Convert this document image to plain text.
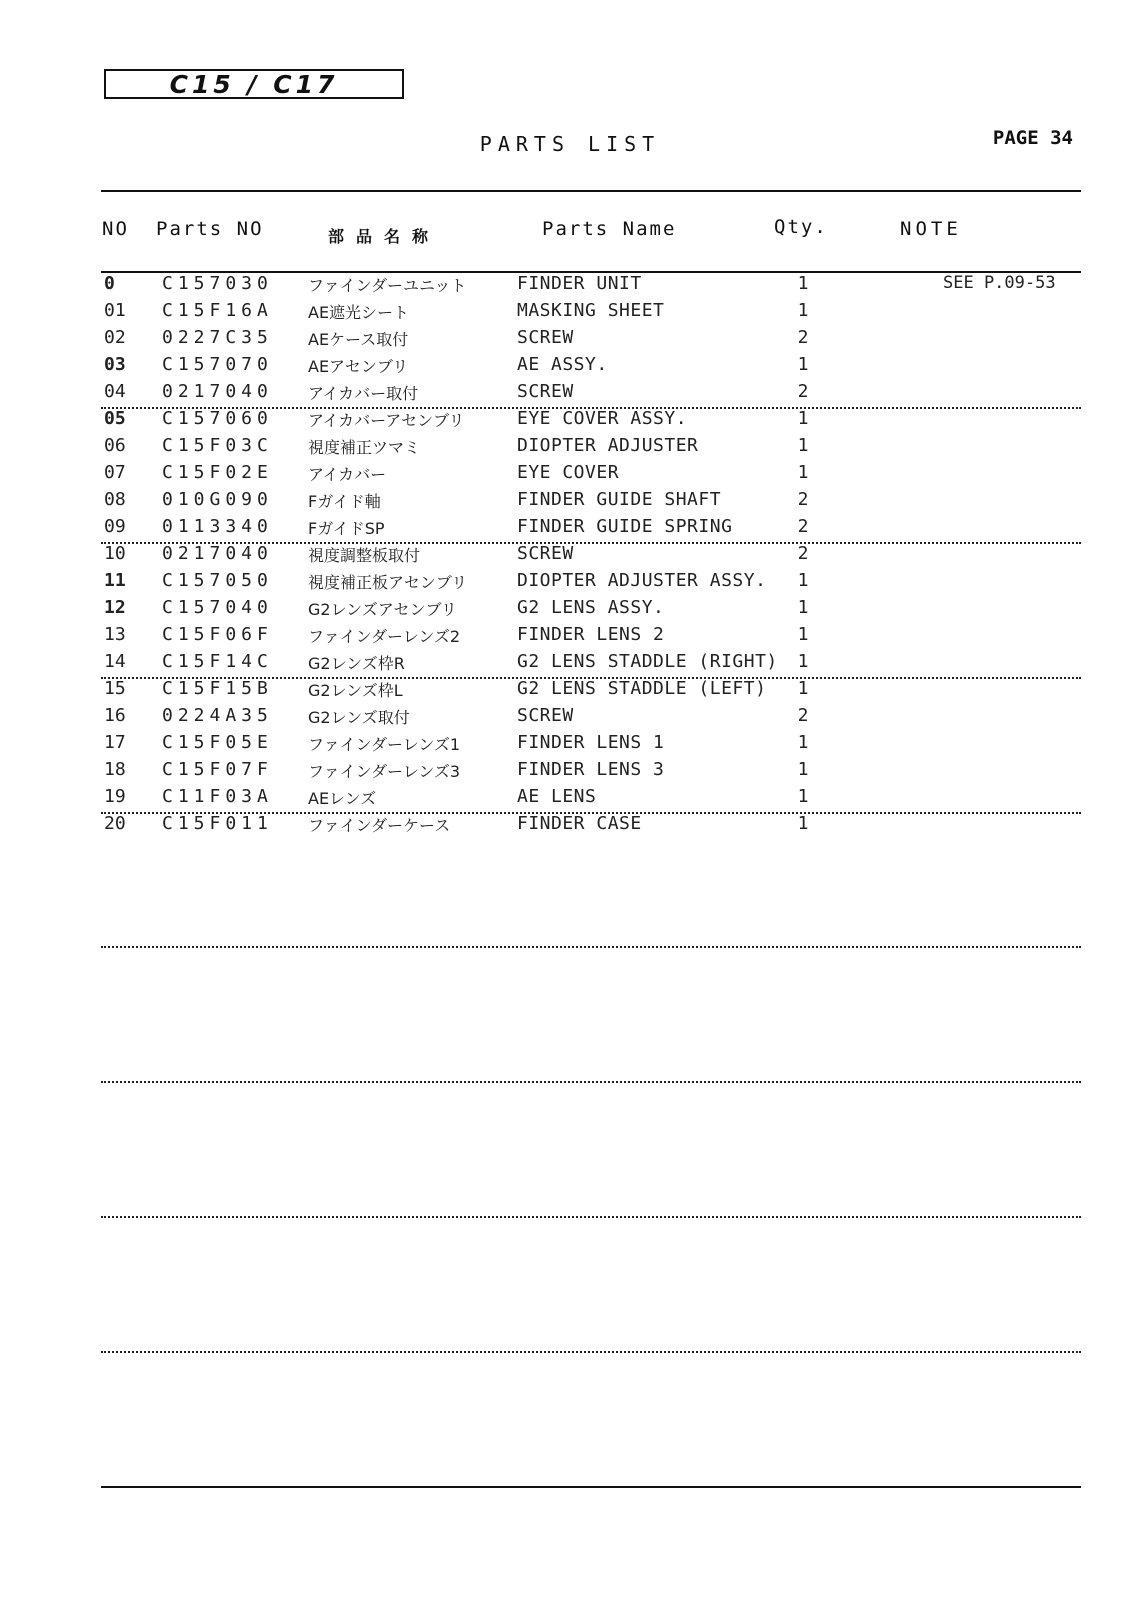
C15 / C17
PARTS LIST	PAGE 34
NO Parts NO	部品名称	Parts Name	Qty.	NOTE
0	C157030 ファインダーユニット	FINDER UNIT	1	SEE P.09-53
01	C15F16A AE遮光シート	MASKING SHEET	1
02	0227C35 AEケース取付	SCREW	2
03	C157070 AEアセンブリ	AE ASSY.	1
04	0217040 アイカバー取付	SCREW	2
05	C157060 アイカバーアセンブリ	EYE COVER ASSY.	1
06	C15F03C 視度補正ツマミ	DIOPTER ADJUSTER	1
07	C15F02E アイカバー	EYE COVER	1
08	010G090 Fガイド軸	FINDER GUIDE SHAFT	2
09	0113340 FガイドSP	FINDER GUIDE SPRING	2
10	0217040 視度調整板取付	SCREW	2
11	C157050 視度補正板アセンブリ	DIOPTER ADJUSTER ASSY. 1
12	C157040 G2レンズアセンブリ	G2 LENS ASSY.	1
13	C15F06F ファインダーレンズ2	FINDER LENS 2	1
14	C15F14C G2レンズ枠R	G2 LENS STADDLE (RIGHT) 1
15	C15F15B G2レンズ枠L	G2 LENS STADDLE (LEFT) 1
16	0224A35 G2レンズ取付	SCREW	2
17	C15F05E ファインダーレンズ1	FINDER LENS 1	1
18	C15F07F ファインダーレンズ3	FINDER LENS 3	1
19	C11F03A AEレンズ	AE LENS	1
20	C15F011 ファインダーケース	FINDER CASE	1
